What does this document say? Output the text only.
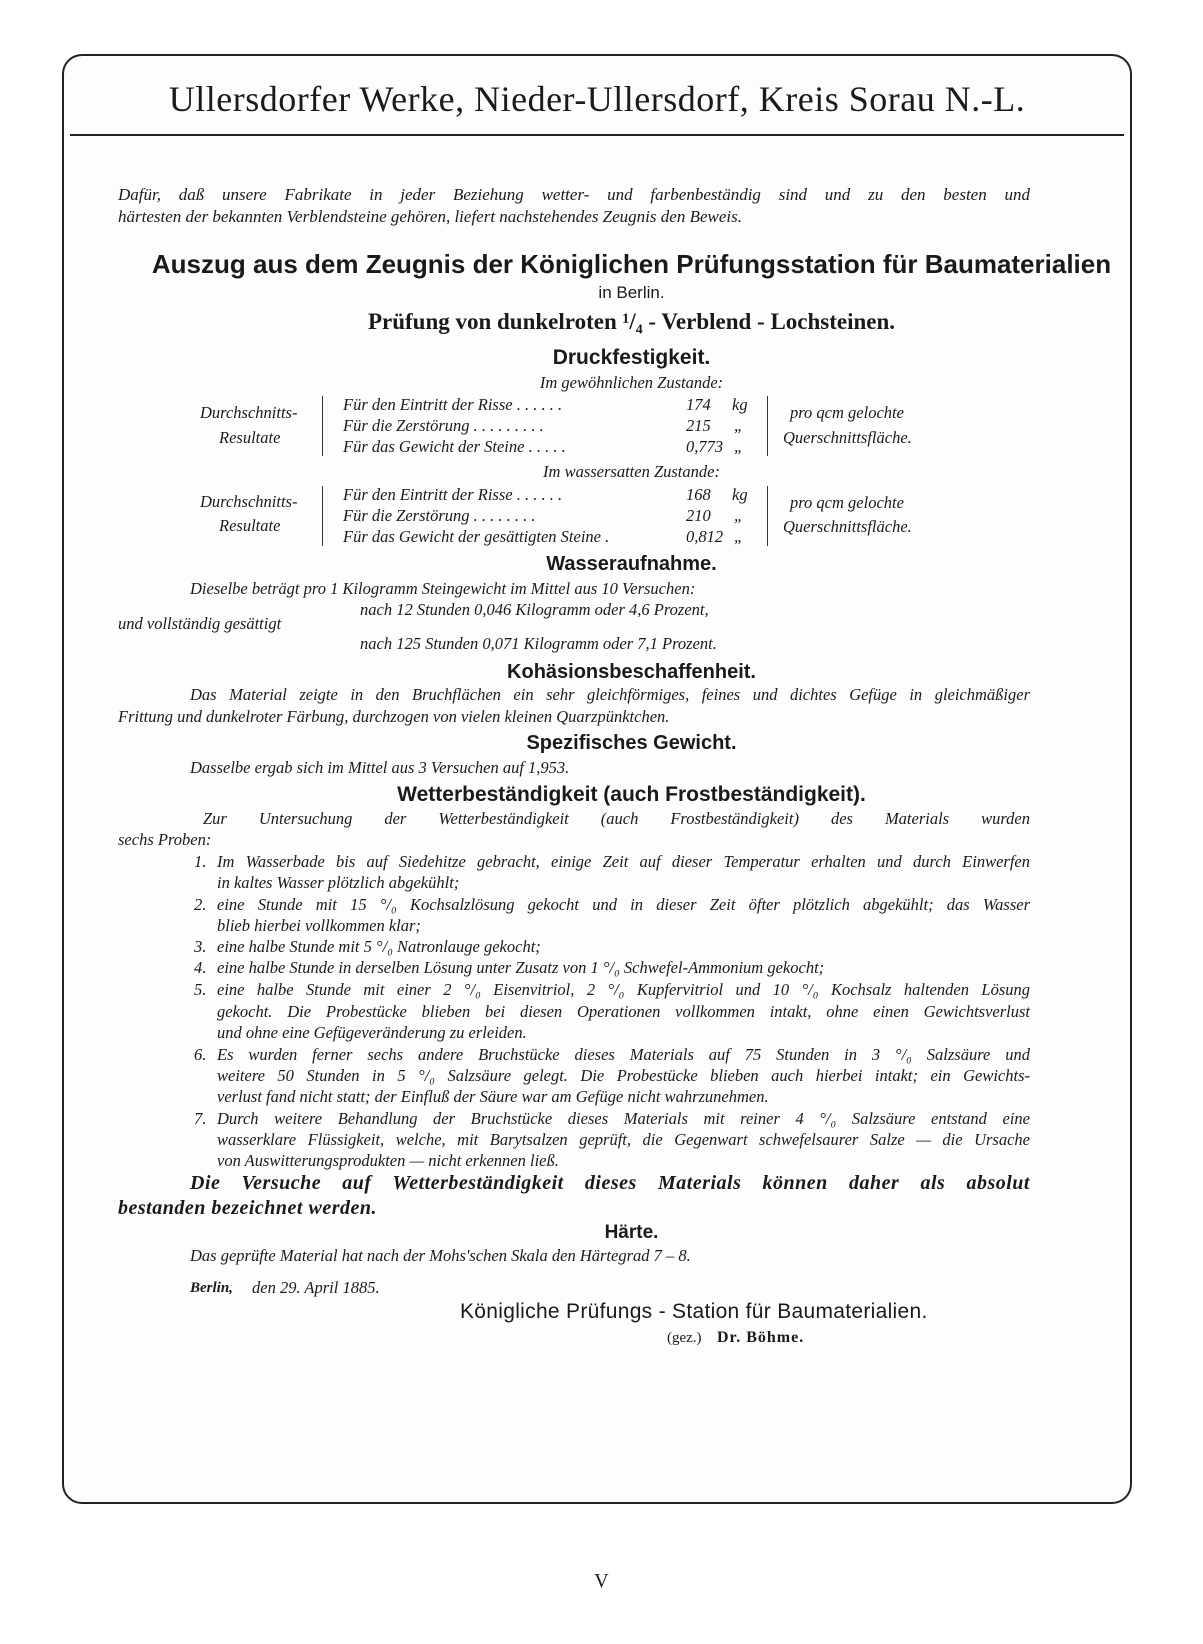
Ullersdorfer Werke, Nieder-Ullersdorf, Kreis Sorau N.-L.
Dafür, daß unsere Fabrikate in jeder Beziehung wetter- und farbenbeständig sind und zu den besten und
härtesten der bekannten Verblendsteine gehören, liefert nachstehendes Zeugnis den Beweis.
Auszug aus dem Zeugnis der Königlichen Prüfungsstation für Baumaterialien
in Berlin.
Prüfung von dunkelroten ¹/₄ - Verblend - Lochsteinen.
Druckfestigkeit.
Im gewöhnlichen Zustande:
Durchschnitts-
Resultate
Für den Eintritt der Risse . . . . . .	174 kg
Für die Zerstörung . . . . . . . . .	215 „
Für das Gewicht der Steine . . . . .	0,773 „
pro qcm gelochte
Querschnittsfläche.
Im wassersatten Zustande:
Durchschnitts-
Resultate
Für den Eintritt der Risse . . . . . .	168 kg
Für die Zerstörung . . . . . . . .	210 „
Für das Gewicht der gesättigten Steine .	0,812 „
pro qcm gelochte
Querschnittsfläche.
Wasseraufnahme.
Dieselbe beträgt pro 1 Kilogramm Steingewicht im Mittel aus 10 Versuchen:
nach 12 Stunden 0,046 Kilogramm oder 4,6 Prozent,
und vollständig gesättigt
nach 125 Stunden 0,071 Kilogramm oder 7,1 Prozent.
Kohäsionsbeschaffenheit.
Das Material zeigte in den Bruchflächen ein sehr gleichförmiges, feines und dichtes Gefüge in gleichmäßiger
Frittung und dunkelroter Färbung, durchzogen von vielen kleinen Quarzpünktchen.
Spezifisches Gewicht.
Dasselbe ergab sich im Mittel aus 3 Versuchen auf 1,953.
Wetterbeständigkeit (auch Frostbeständigkeit).
Zur Untersuchung der Wetterbeständigkeit (auch Frostbeständigkeit) des Materials wurden
sechs Proben:
1. Im Wasserbade bis auf Siedehitze gebracht, einige Zeit auf dieser Temperatur erhalten und durch Einwerfen
in kaltes Wasser plötzlich abgekühlt;
2. eine Stunde mit 15 °/₀ Kochsalzlösung gekocht und in dieser Zeit öfter plötzlich abgekühlt; das Wasser
blieb hierbei vollkommen klar;
3. eine halbe Stunde mit 5 °/₀ Natronlauge gekocht;
4. eine halbe Stunde in derselben Lösung unter Zusatz von 1 °/₀ Schwefel-Ammonium gekocht;
5. eine halbe Stunde mit einer 2 °/₀ Eisenvitriol, 2 °/₀ Kupfervitriol und 10 °/₀ Kochsalz haltenden Lösung
gekocht. Die Probestücke blieben bei diesen Operationen vollkommen intakt, ohne einen Gewichtsverlust
und ohne eine Gefügeveränderung zu erleiden.
6. Es wurden ferner sechs andere Bruchstücke dieses Materials auf 75 Stunden in 3 °/₀ Salzsäure und
weitere 50 Stunden in 5 °/₀ Salzsäure gelegt. Die Probestücke blieben auch hierbei intakt; ein Gewichts-
verlust fand nicht statt; der Einfluß der Säure war am Gefüge nicht wahrzunehmen.
7. Durch weitere Behandlung der Bruchstücke dieses Materials mit reiner 4 °/₀ Salzsäure entstand eine
wasserklare Flüssigkeit, welche, mit Barytsalzen geprüft, die Gegenwart schwefelsaurer Salze — die Ursache
von Auswitterungsprodukten — nicht erkennen ließ.
Die Versuche auf Wetterbeständigkeit dieses Materials können daher als absolut
bestanden bezeichnet werden.
Härte.
Das geprüfte Material hat nach der Mohs'schen Skala den Härtegrad 7 – 8.
Berlin, den 29. April 1885.
Königliche Prüfungs - Station für Baumaterialien.
(gez.) Dr. Böhme.
V
